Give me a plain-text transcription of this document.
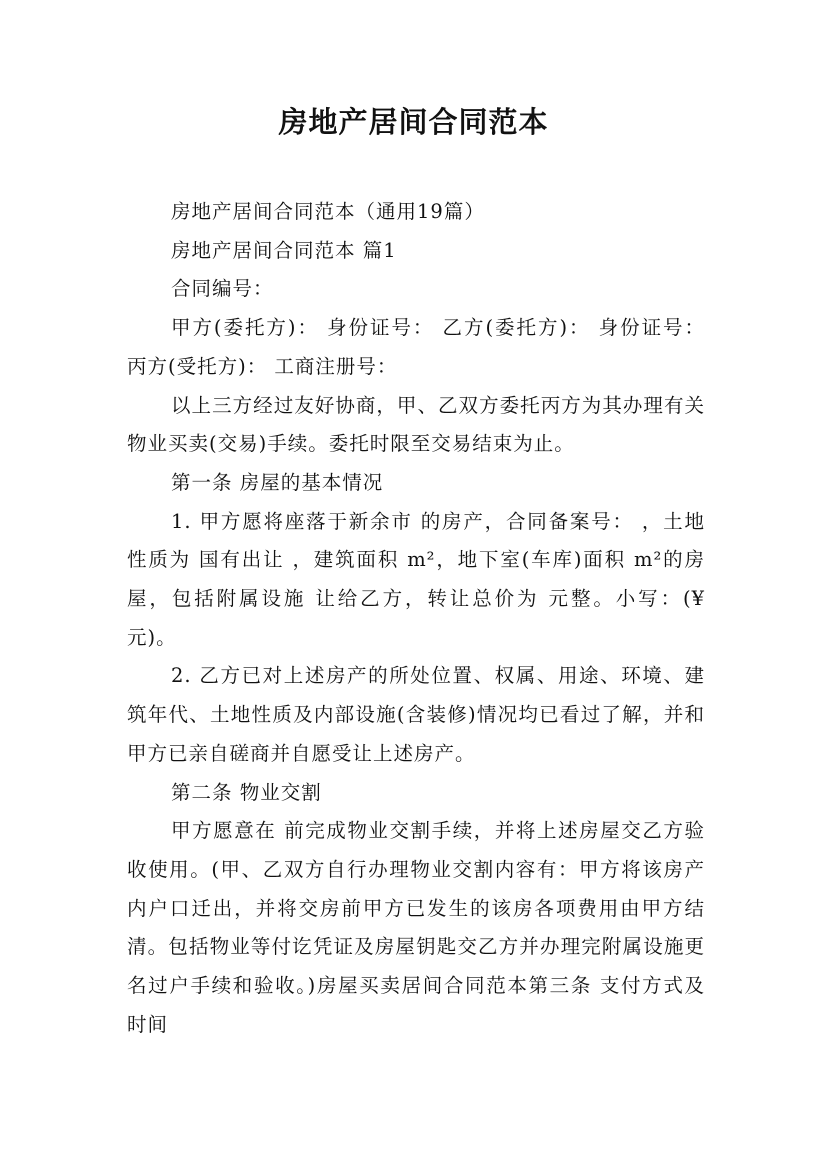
房地产居间合同范本

房地产居间合同范本（通用19篇）

房地产居间合同范本 篇1

合同编号：

甲方(委托方)： 身份证号： 乙方(委托方)： 身份证号： 丙方(受托方)： 工商注册号：

以上三方经过友好协商，甲、乙双方委托丙方为其办理有关物业买卖(交易)手续。委托时限至交易结束为止。

第一条 房屋的基本情况

1. 甲方愿将座落于新余市 的房产，合同备案号： ，土地性质为 国有出让 ，建筑面积 m²，地下室(车库)面积 m²的房屋，包括附属设施 让给乙方，转让总价为 元整。小写：(¥ 元)。

2. 乙方已对上述房产的所处位置、权属、用途、环境、建筑年代、土地性质及内部设施(含装修)情况均已看过了解，并和甲方已亲自磋商并自愿受让上述房产。

第二条 物业交割

甲方愿意在 前完成物业交割手续，并将上述房屋交乙方验收使用。(甲、乙双方自行办理物业交割内容有：甲方将该房产内户口迁出，并将交房前甲方已发生的该房各项费用由甲方结清。包括物业等付讫凭证及房屋钥匙交乙方并办理完附属设施更名过户手续和验收。)房屋买卖居间合同范本第三条 支付方式及时间
